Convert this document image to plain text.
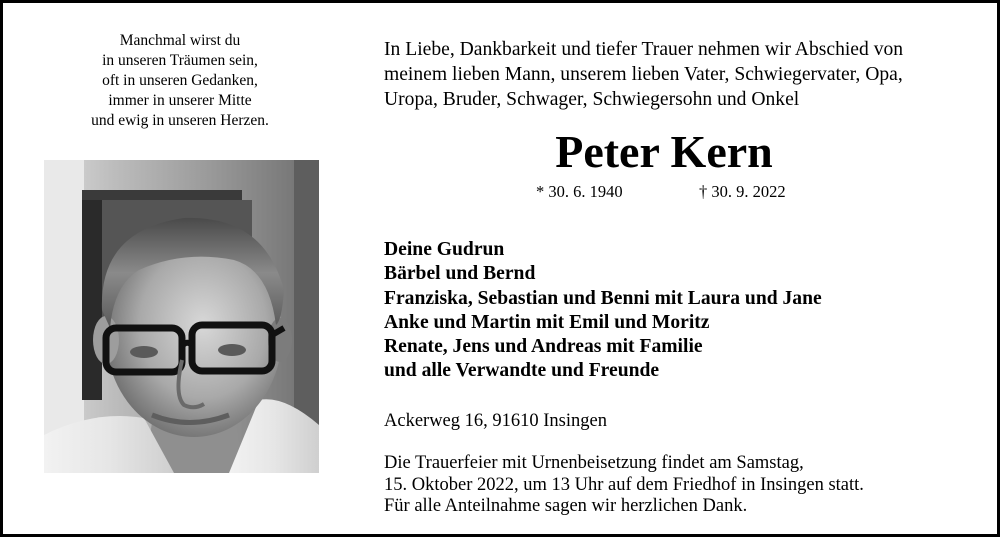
Manchmal wirst du
in unseren Träumen sein,
oft in unseren Gedanken,
immer in unserer Mitte
und ewig in unseren Herzen.
In Liebe, Dankbarkeit und tiefer Trauer nehmen wir Abschied von
meinem lieben Mann, unserem lieben Vater, Schwiegervater, Opa,
Uropa, Bruder, Schwager, Schwiegersohn und Onkel
Peter Kern
* 30. 6. 1940	† 30. 9. 2022
Deine Gudrun
Bärbel und Bernd
Franziska, Sebastian und Benni mit Laura und Jane
Anke und Martin mit Emil und Moritz
Renate, Jens und Andreas mit Familie
und alle Verwandte und Freunde
Ackerweg 16, 91610 Insingen
Die Trauerfeier mit Urnenbeisetzung findet am Samstag,
15. Oktober 2022, um 13 Uhr auf dem Friedhof in Insingen statt.
Für alle Anteilnahme sagen wir herzlichen Dank.
